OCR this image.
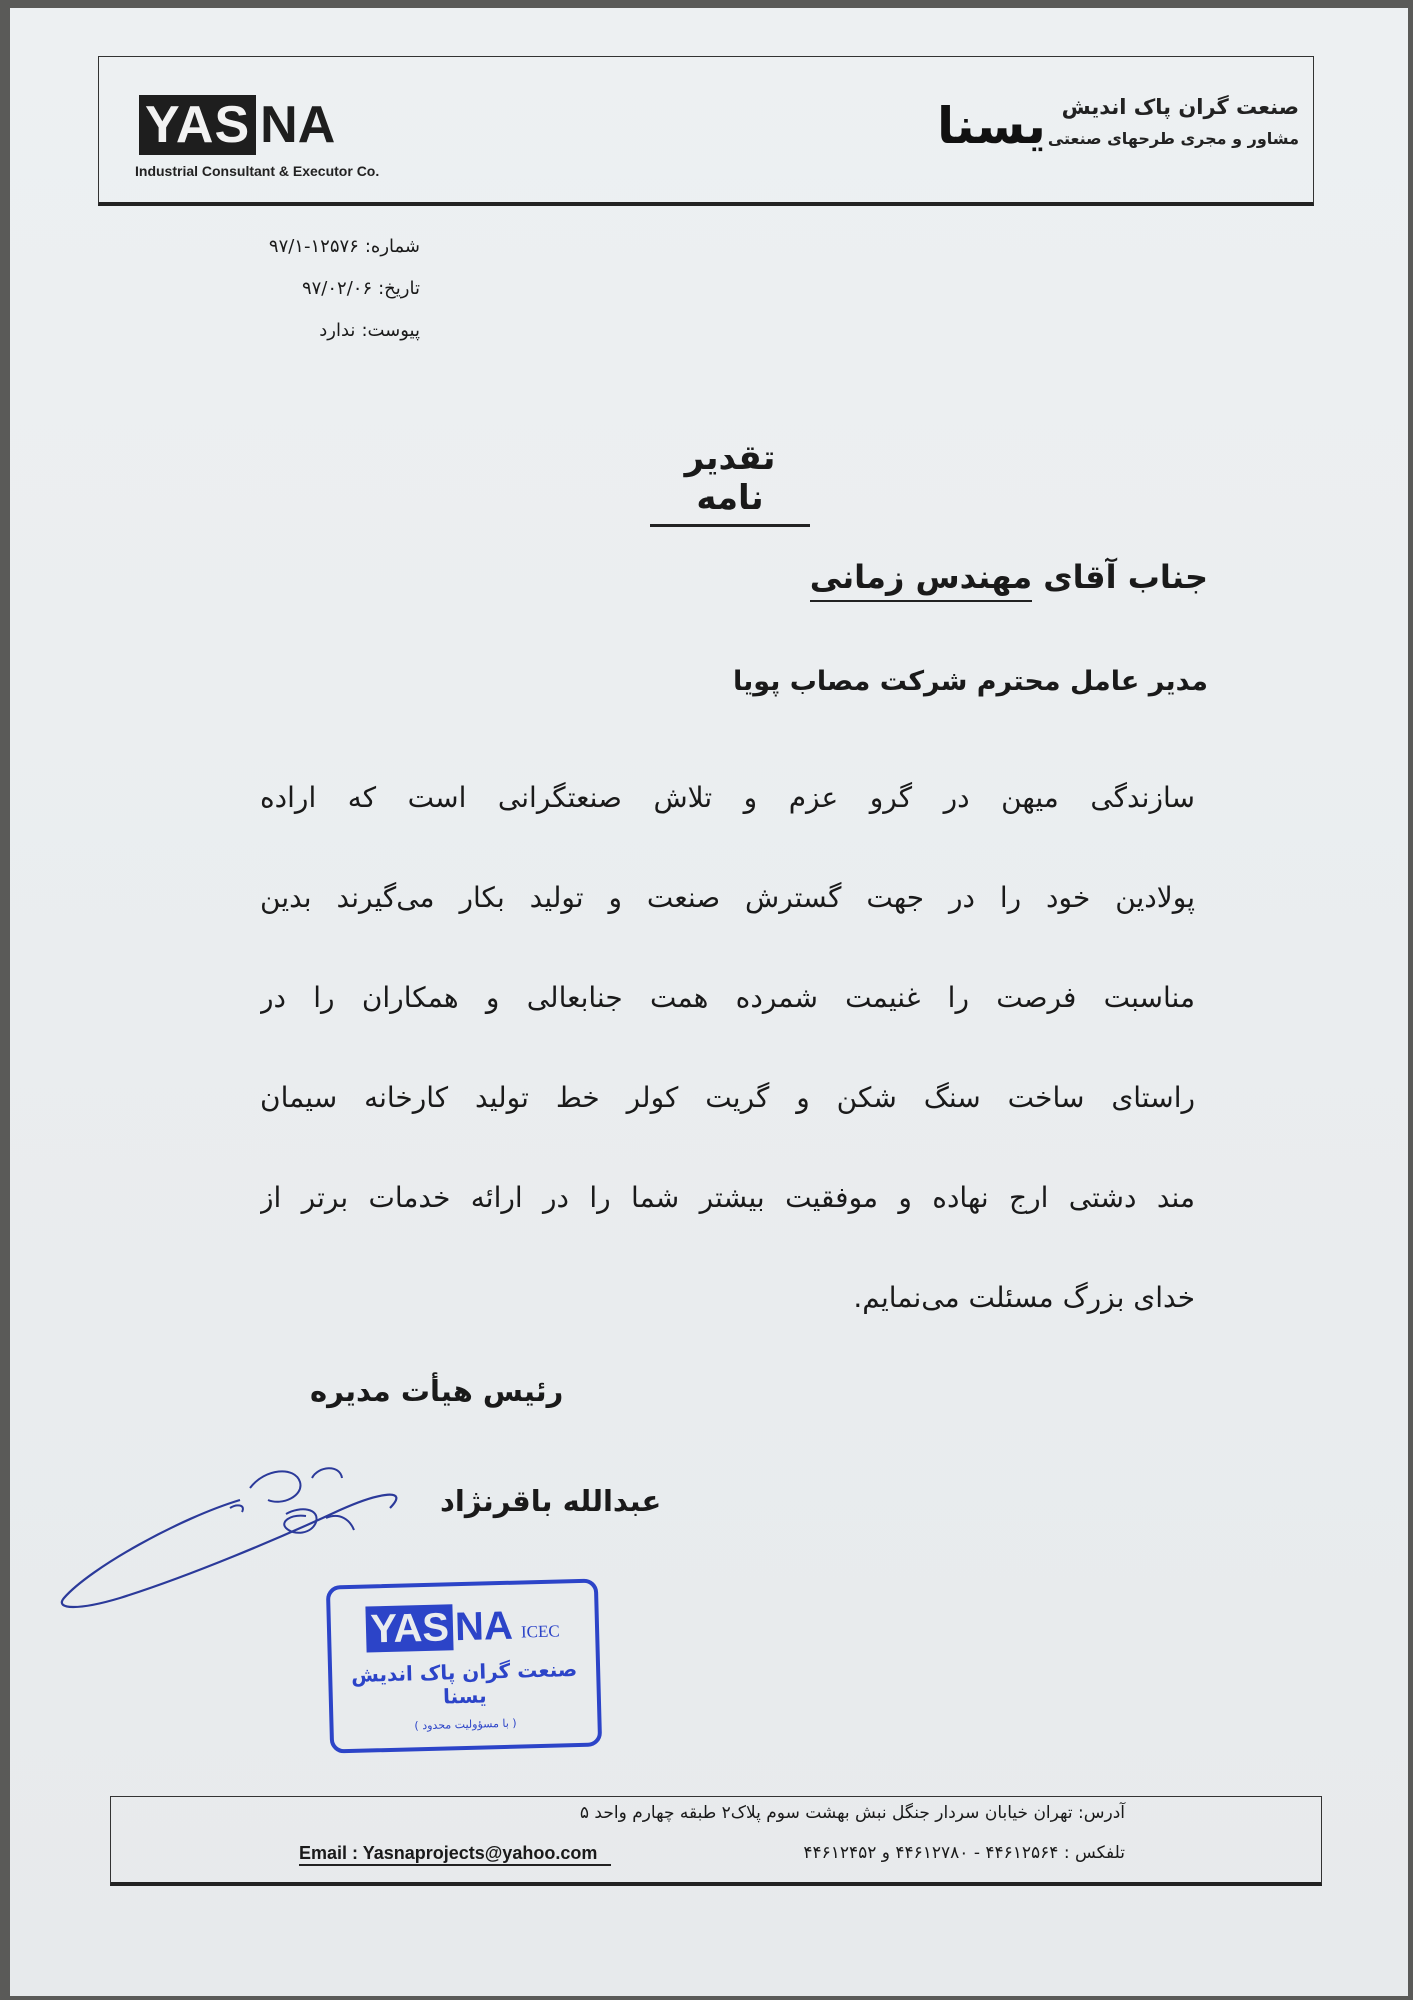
YAS NA
Industrial Consultant & Executor Co.
یسنا صنعت گران پاک اندیش
مشاور و مجری طرحهای صنعتی
شماره:۱۲۵۷۶-۹۷/۱
تاریخ:۹۷/۰۲/۰۶
پیوست:ندارد
تقدیر نامه
جناب آقای مهندس زمانی
مدیر عامل محترم شرکت مصاب پویا
سازندگی میهن در گرو عزم و تلاش صنعتگرانی است که اراده
پولادین خود را در جهت گسترش صنعت و تولید بکار می‌گیرند بدین
مناسبت فرصت را غنیمت شمرده همت جنابعالی و همکاران را در
راستای ساخت سنگ شکن و گریت کولر خط تولید کارخانه سیمان
مند دشتی ارج نهاده و موفقیت بیشتر شما را در ارائه خدمات برتر از
خدای بزرگ مسئلت می‌نمایم.
رئیس هیأت مدیره
عبدالله باقرنژاد
YAS NA ICEC
صنعت گران پاک اندیش یسنا
( با مسؤولیت محدود )
آدرس: تهران خیابان سردار جنگل نبش بهشت سوم پلاک۲ طبقه چهارم واحد ۵
تلفکس : ۴۴۶۱۲۵۶۴ - ۴۴۶۱۲۷۸۰ و ۴۴۶۱۲۴۵۲
Email : Yasnaprojects@yahoo.com
